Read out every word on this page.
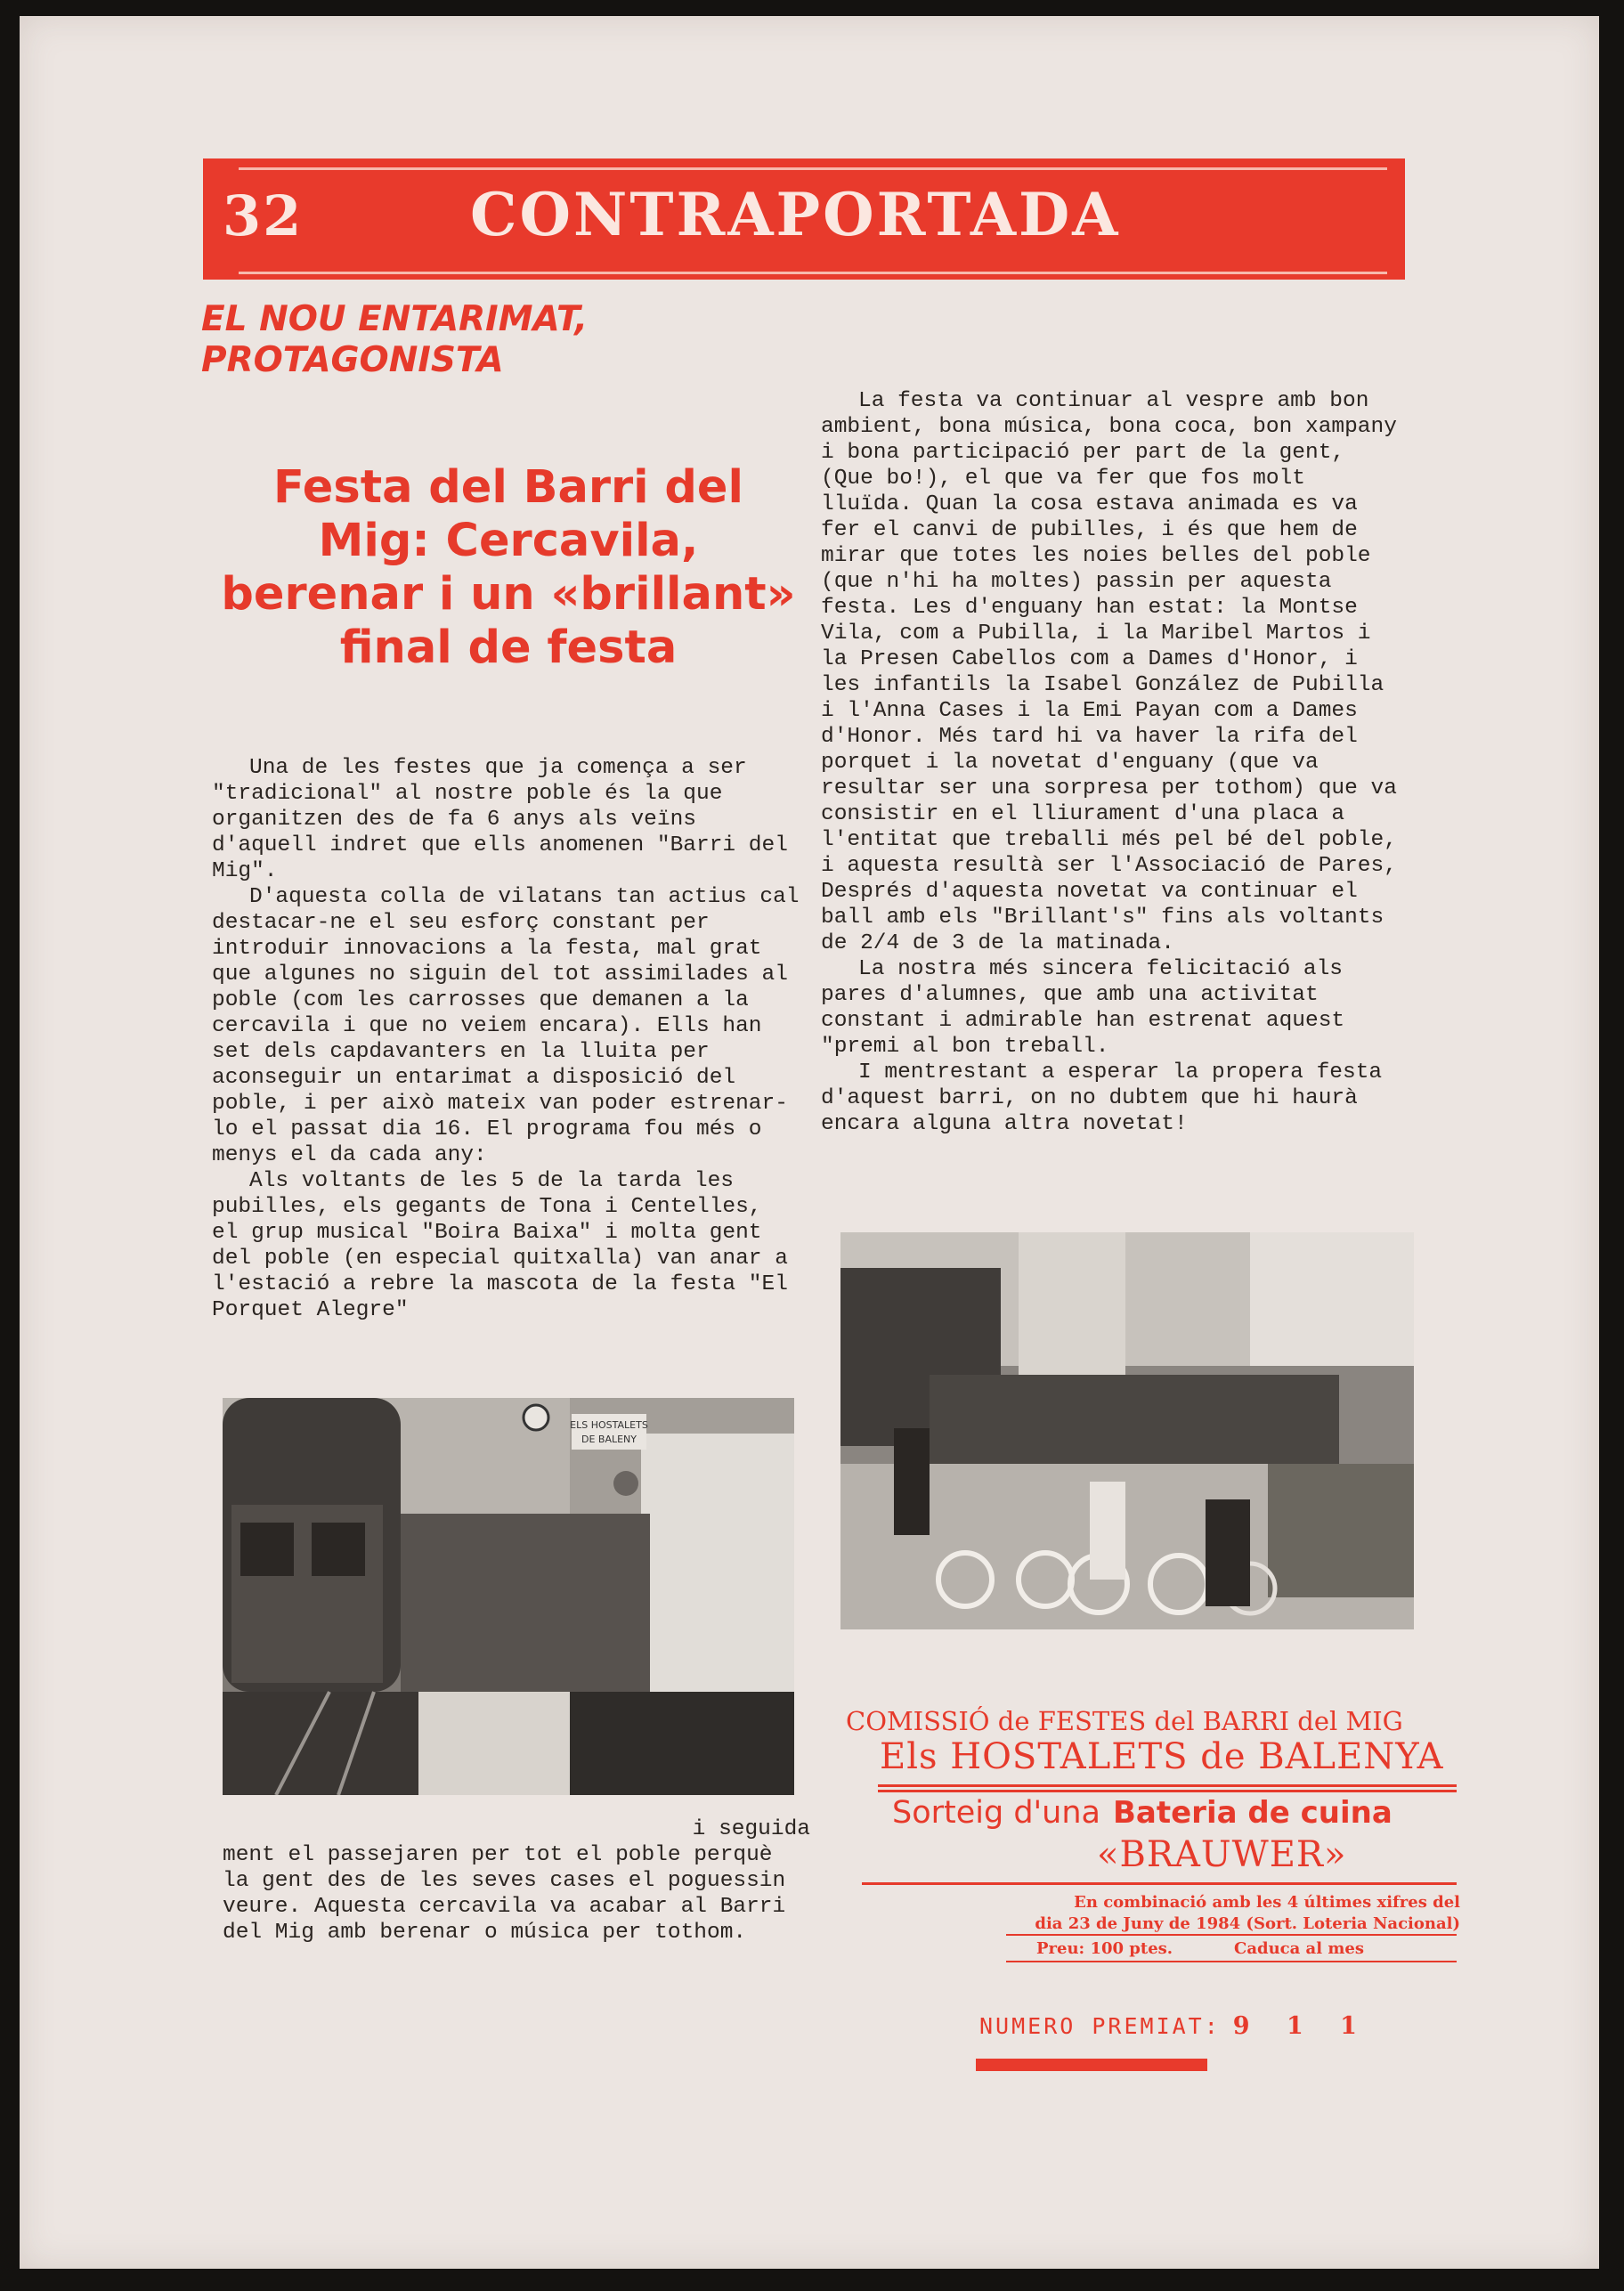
32	CONTRAPORTADA
EL NOU ENTARIMAT,
PROTAGONISTA
Festa del Barri del
Mig: Cercavila,
berenar i un «brillant»
final de festa

Una de les festes que ja comença a ser "tradicional" al nostre poble és la que organitzen des de fa 6 anys als veïns d'aquell indret que ells anomenen "Barri del Mig".

D'aquesta colla de vilatans tan actius cal destacar-ne el seu esforç constant per introduir innovacions a la festa, mal grat que algunes no siguin del tot assimilades al poble (com les carrosses que demanen a la cercavila i que no veiem encara). Ells han set dels capdavanters en la lluita per aconseguir un entarimat a disposició del poble, i per això mateix van poder estrenar-lo el passat dia 16. El programa fou més o menys el da cada any:

Als voltants de les 5 de la tarda les pubilles, els gegants de Tona i Centelles, el grup musical "Boira Baixa" i molta gent del poble (en especial quitxalla) van anar a l'estació a rebre la mascota de la festa "El Porquet Alegre"

ELS HOSTALETS
DE BALENY
i seguida
ment el passejaren per tot el poble perquè la gent des de les seves cases el poguessin veure. Aquesta cercavila va acabar al Barri del Mig amb berenar o música per tothom.

La festa va continuar al vespre amb bon ambient, bona música, bona coca, bon xampany i bona participació per part de la gent, (Que bo!), el que va fer que fos molt lluïda. Quan la cosa estava animada es va fer el canvi de pubilles, i és que hem de mirar que totes les noies belles del poble (que n'hi ha moltes) passin per aquesta festa. Les d'enguany han estat: la Montse Vila, com a Pubilla, i la Maribel Martos i la Presen Cabellos com a Dames d'Honor, i les infantils la Isabel González de Pubilla i l'Anna Cases i la Emi Payan com a Dames d'Honor. Més tard hi va haver la rifa del porquet i la novetat d'enguany (que va resultar ser una sorpresa per tothom) que va consistir en el lliurament d'una placa a l'entitat que treballi més pel bé del poble, i aquesta resultà ser l'Associació de Pares, Després d'aquesta novetat va continuar el ball amb els "Brillant's" fins als voltants de 2/4 de 3 de la matinada.

La nostra més sincera felicitació als pares d'alumnes, que amb una activitat constant i admirable han estrenat aquest "premi al bon treball.

I mentrestant a esperar la propera festa d'aquest barri, on no dubtem que hi haurà encara alguna altra novetat!

COMISSIÓ de FESTES del BARRI del MIG
Els HOSTALETS de BALENYA
Sorteig d'una Bateria de cuina
«BRAUWER»
En combinació amb les 4 últimes xifres del
dia 23 de Juny de 1984 (Sort. Loteria Nacional)
Preu: 100 ptes.	Caduca al mes
NUMERO PREMIAT: 9 1 1
